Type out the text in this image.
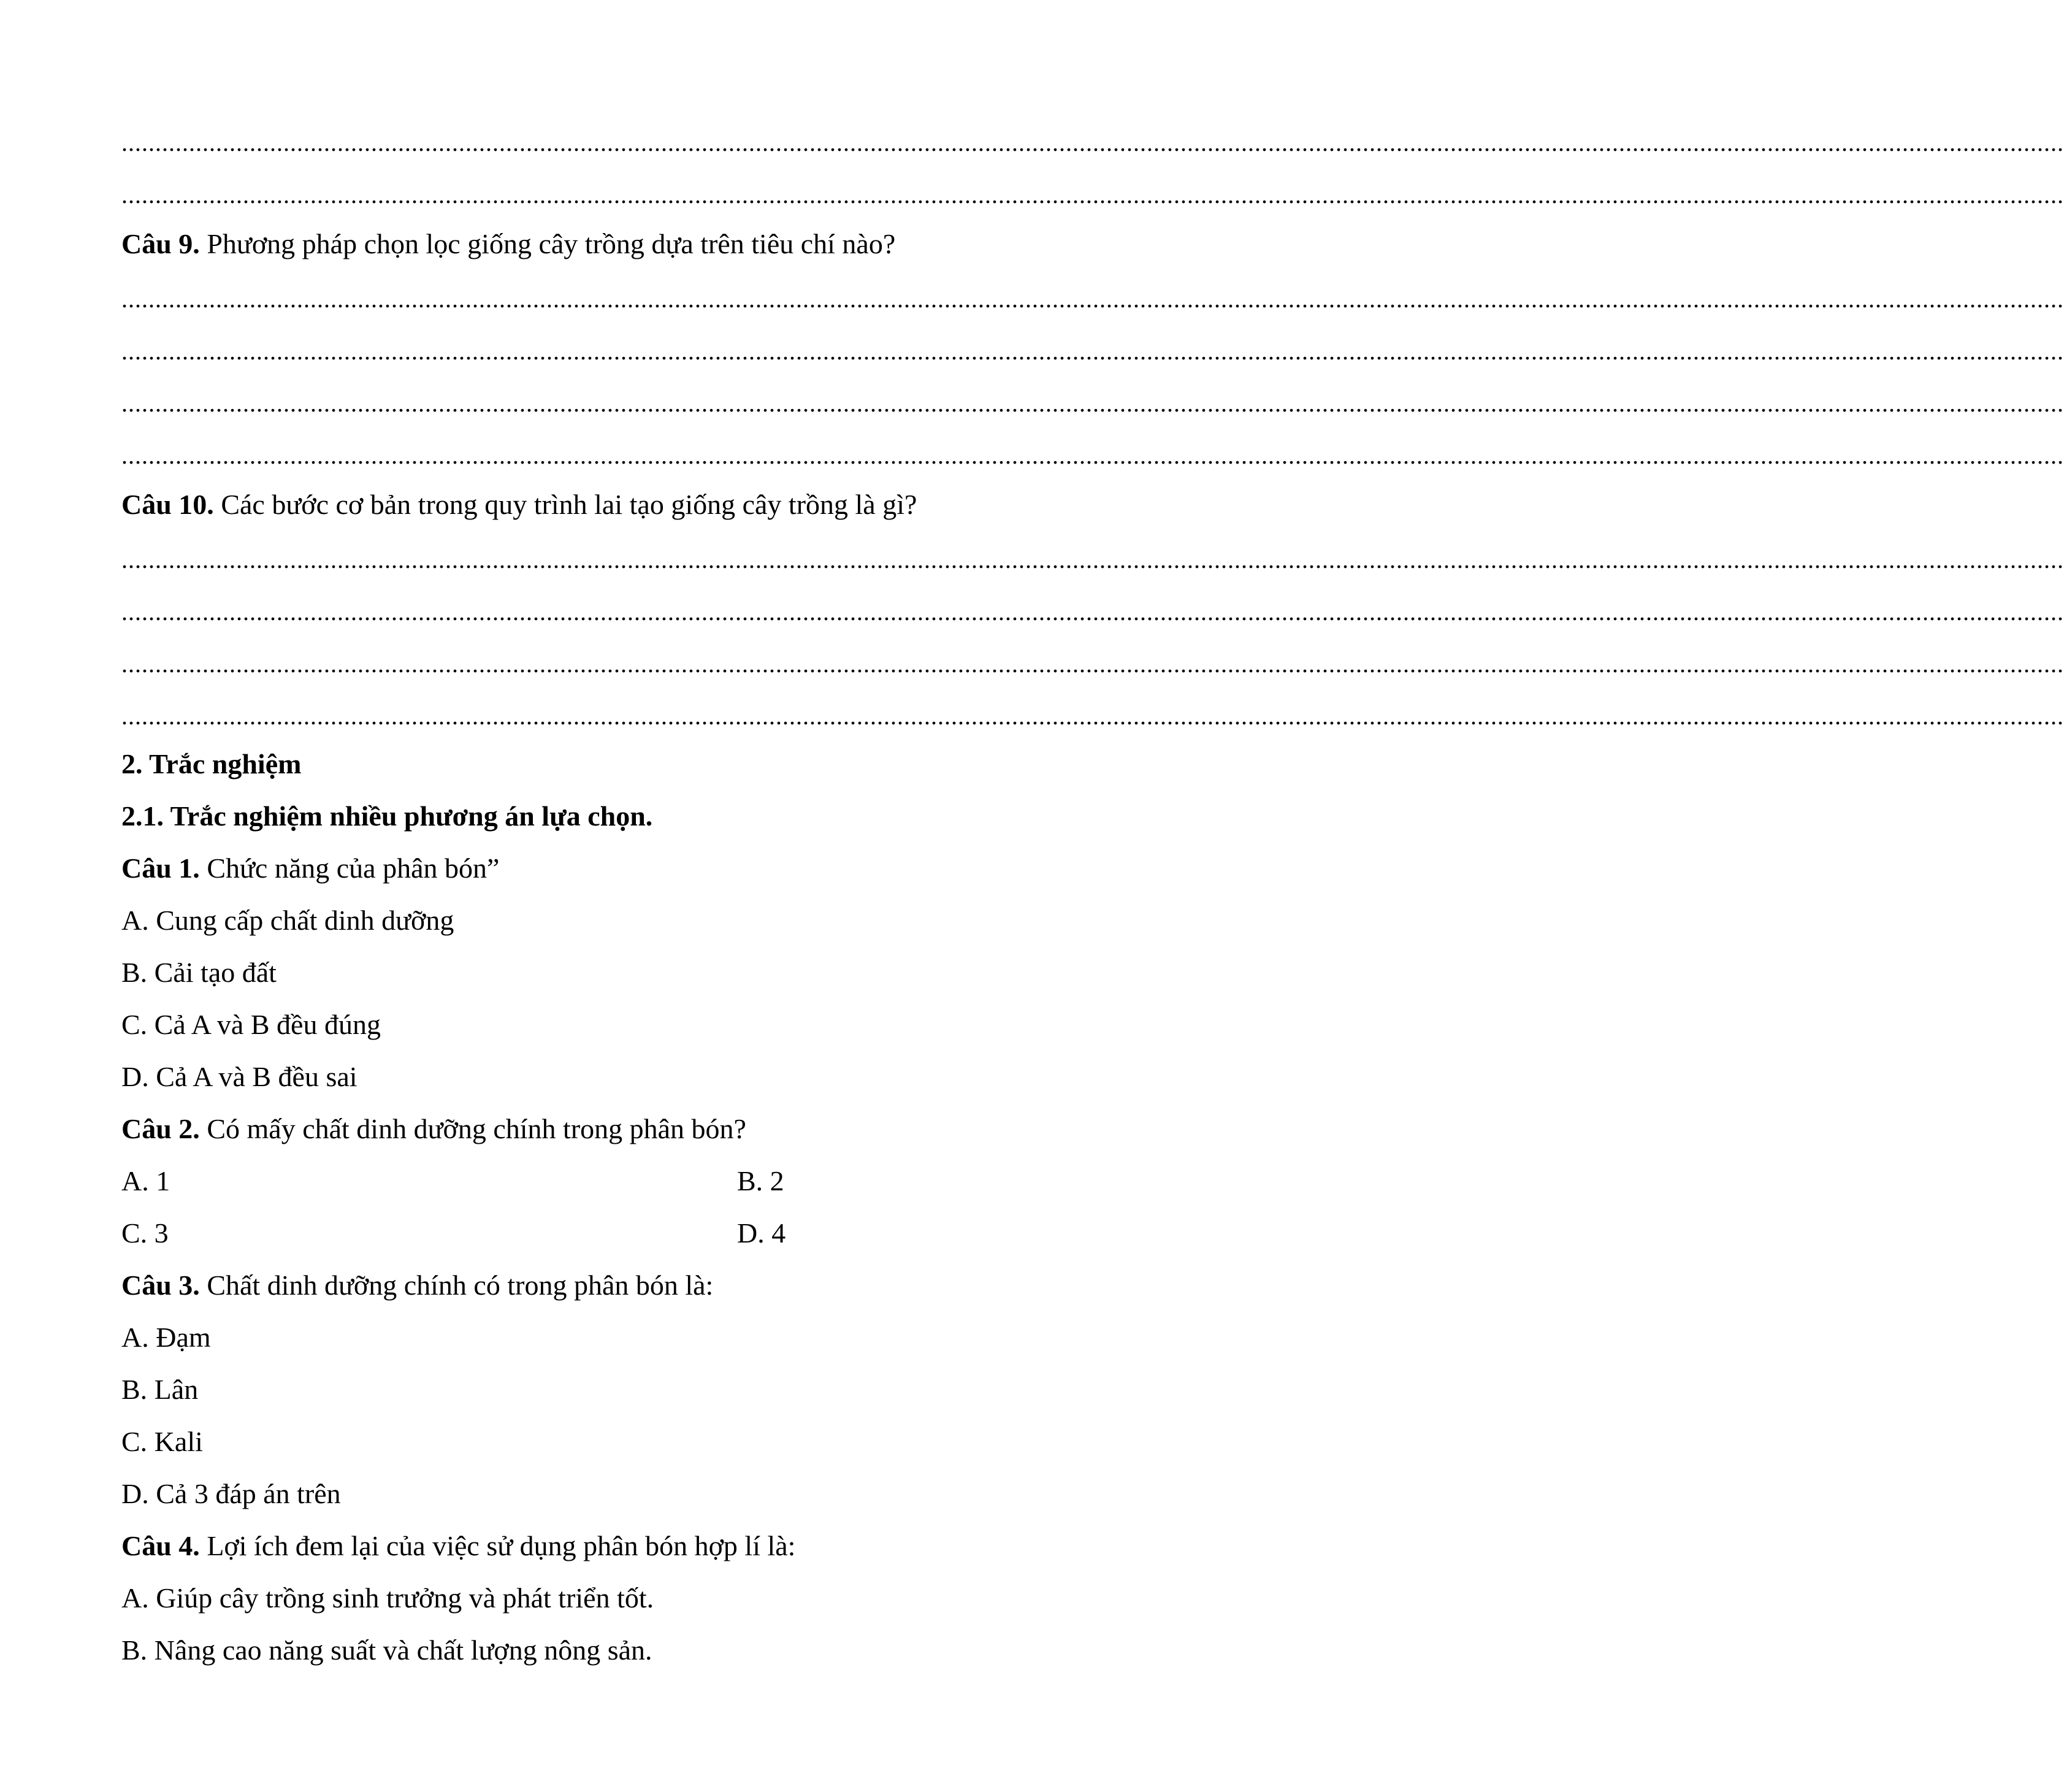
................................................................................................................................................................................................................................................................................................
................................................................................................................................................................................................................................................................................................
Câu 9. Phương pháp chọn lọc giống cây trồng dựa trên tiêu chí nào?
................................................................................................................................................................................................................................................................................................
................................................................................................................................................................................................................................................................................................
................................................................................................................................................................................................................................................................................................
................................................................................................................................................................................................................................................................................................
Câu 10. Các bước cơ bản trong quy trình lai tạo giống cây trồng là gì?
................................................................................................................................................................................................................................................................................................
................................................................................................................................................................................................................................................................................................
................................................................................................................................................................................................................................................................................................
................................................................................................................................................................................................................................................................................................
2. Trắc nghiệm
2.1. Trắc nghiệm nhiều phương án lựa chọn.
Câu 1. Chức năng của phân bón”
A. Cung cấp chất dinh dưỡng
B. Cải tạo đất
C. Cả A và B đều đúng
D. Cả A và B đều sai
Câu 2. Có mấy chất dinh dưỡng chính trong phân bón?
A. 1	B. 2
C. 3	D. 4
Câu 3. Chất dinh dưỡng chính có trong phân bón là:
A. Đạm
B. Lân
C. Kali
D. Cả 3 đáp án trên
Câu 4. Lợi ích đem lại của việc sử dụng phân bón hợp lí là:
A. Giúp cây trồng sinh trưởng và phát triển tốt.
B. Nâng cao năng suất và chất lượng nông sản.
